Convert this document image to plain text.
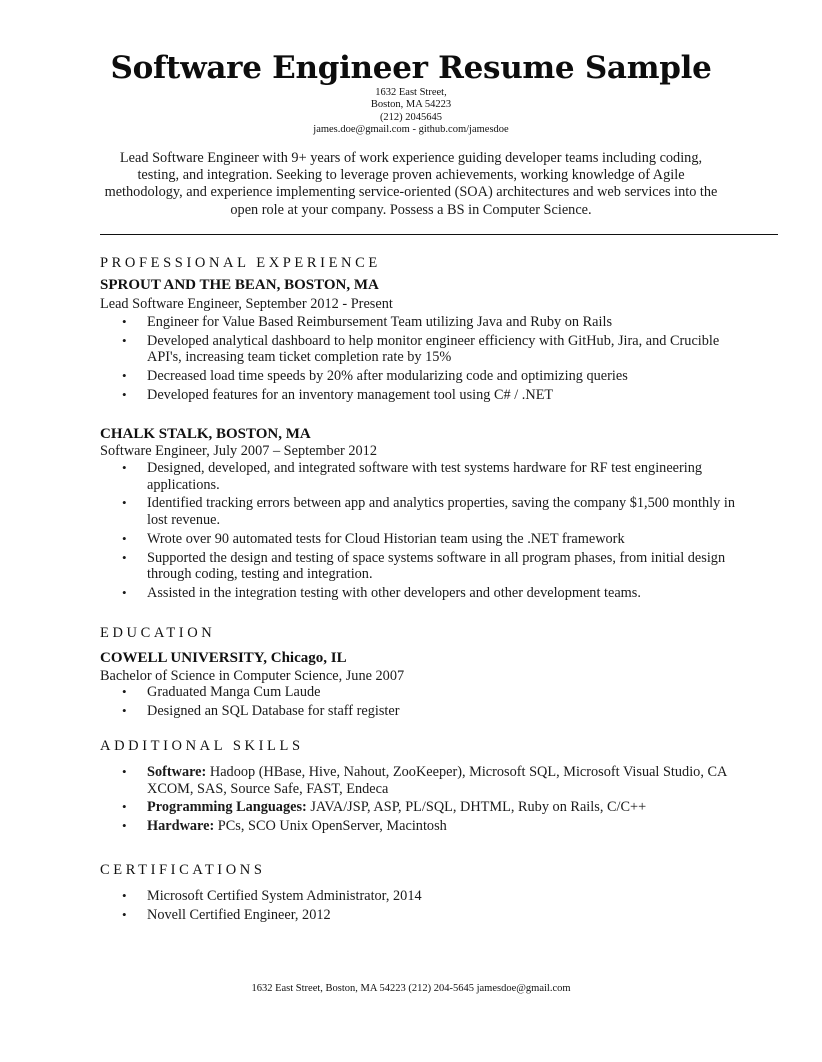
Software Engineer Resume Sample
1632 East Street,
Boston, MA 54223
(212) 2045645
james.doe@gmail.com - github.com/jamesdoe
Lead Software Engineer with 9+ years of work experience guiding developer teams including coding, testing, and integration. Seeking to leverage proven achievements, working knowledge of Agile methodology, and experience implementing service-oriented (SOA) architectures and web services into the open role at your company. Possess a BS in Computer Science.
PROFESSIONAL EXPERIENCE
SPROUT AND THE BEAN, BOSTON, MA
Lead Software Engineer, September 2012 - Present
• Engineer for Value Based Reimbursement Team utilizing Java and Ruby on Rails
• Developed analytical dashboard to help monitor engineer efficiency with GitHub, Jira, and Crucible API's, increasing team ticket completion rate by 15%
• Decreased load time speeds by 20% after modularizing code and optimizing queries
• Developed features for an inventory management tool using C# / .NET
CHALK STALK, BOSTON, MA
Software Engineer, July 2007 – September 2012
• Designed, developed, and integrated software with test systems hardware for RF test engineering applications.
• Identified tracking errors between app and analytics properties, saving the company $1,500 monthly in lost revenue.
• Wrote over 90 automated tests for Cloud Historian team using the .NET framework
• Supported the design and testing of space systems software in all program phases, from initial design through coding, testing and integration.
• Assisted in the integration testing with other developers and other development teams.
EDUCATION
COWELL UNIVERSITY, Chicago, IL
Bachelor of Science in Computer Science, June 2007
• Graduated Manga Cum Laude
• Designed an SQL Database for staff register
ADDITIONAL SKILLS
• Software: Hadoop (HBase, Hive, Nahout, ZooKeeper), Microsoft SQL, Microsoft Visual Studio, CA XCOM, SAS, Source Safe, FAST, Endeca
• Programming Languages: JAVA/JSP, ASP, PL/SQL, DHTML, Ruby on Rails, C/C++
• Hardware: PCs, SCO Unix OpenServer, Macintosh
CERTIFICATIONS
• Microsoft Certified System Administrator, 2014
• Novell Certified Engineer, 2012
1632 East Street, Boston, MA 54223 (212) 204-5645 jamesdoe@gmail.com
